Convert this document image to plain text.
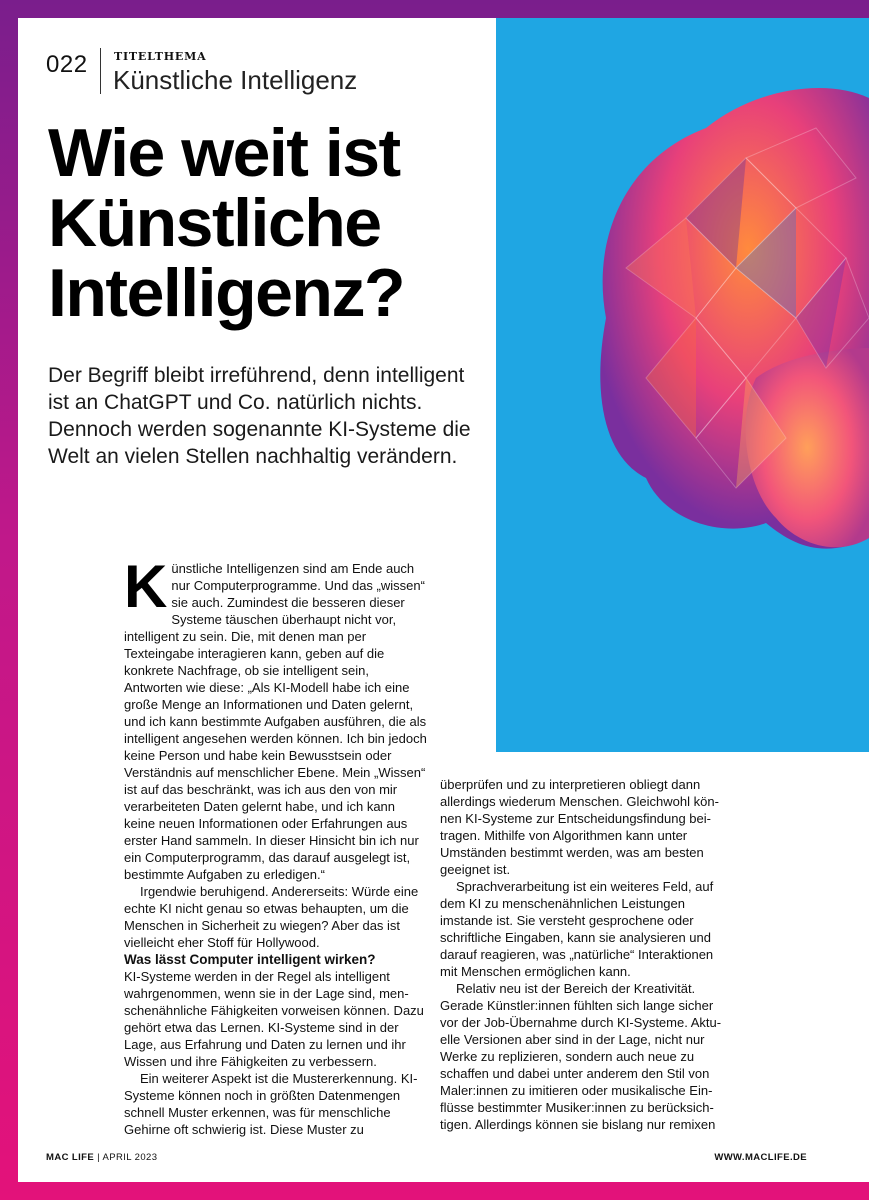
022 TITELTHEMA
Künstliche Intelligenz
Wie weit ist Künstliche Intelligenz?

Der Begriff bleibt irreführend, denn intelligent ist an ChatGPT und Co. natürlich nichts. Dennoch werden sogenannte KI-Systeme die Welt an vielen Stellen nachhaltig verändern.

Künstliche Intelligenzen sind am Ende auch nur Computerprogramme. Und das „wissen“ sie auch. Zumindest die besseren dieser Systeme täuschen überhaupt nicht vor, intelligent zu sein. Die, mit denen man per Texteingabe interagieren kann, geben auf die konkrete Nachfrage, ob sie intelligent sein, Antworten wie diese: „Als KI-Modell habe ich eine große Menge an Informationen und Daten gelernt, und ich kann bestimmte Aufgaben ausführen, die als intelligent angesehen werden können. Ich bin jedoch keine Person und habe kein Bewusstsein oder Verständnis auf menschlicher Ebene. Mein „Wissen“ ist auf das beschränkt, was ich aus den von mir verarbeiteten Daten gelernt habe, und ich kann keine neuen Informationen oder Erfahrungen aus erster Hand sammeln. In dieser Hinsicht bin ich nur ein Computerprogramm, das darauf ausgelegt ist, bestimmte Aufgaben zu erledigen.“

Irgendwie beruhigend. Andererseits: Würde eine echte KI nicht genau so etwas behaupten, um die Menschen in Sicherheit zu wiegen? Aber das ist vielleicht eher Stoff für Hollywood.

Was lässt Computer intelligent wirken?

KI-Systeme werden in der Regel als intelligent wahrgenommen, wenn sie in der Lage sind, menschenähnliche Fähigkeiten vorweisen können. Dazu gehört etwa das Lernen. KI-Systeme sind in der Lage, aus Erfahrung und Daten zu lernen und ihr Wissen und ihre Fähigkeiten zu verbessern.

Ein weiterer Aspekt ist die Mustererkennung. KI-Systeme können noch in größten Datenmengen schnell Muster erkennen, was für menschliche Gehirne oft schwierig ist. Diese Muster zu

überprüfen und zu interpretieren obliegt dann allerdings wiederum Menschen. Gleichwohl können KI-Systeme zur Entscheidungsfindung beitragen. Mithilfe von Algorithmen kann unter Umständen bestimmt werden, was am besten geeignet ist.

Sprachverarbeitung ist ein weiteres Feld, auf dem KI zu menschenähnlichen Leistungen imstande ist. Sie versteht gesprochene oder schriftliche Eingaben, kann sie analysieren und darauf reagieren, was „natürliche“ Interaktionen mit Menschen ermöglichen kann.

Relativ neu ist der Bereich der Kreativität. Gerade Künstler:innen fühlten sich lange sicher vor der Job-Übernahme durch KI-Systeme. Aktuelle Versionen aber sind in der Lage, nicht nur Werke zu replizieren, sondern auch neue zu schaffen und dabei unter anderem den Stil von Maler:innen zu imitieren oder musikalische Einflüsse bestimmter Musiker:innen zu berücksichtigen. Allerdings können sie bislang nur remixen

MAC LIFE | APRIL 2023	WWW.MACLIFE.DE
